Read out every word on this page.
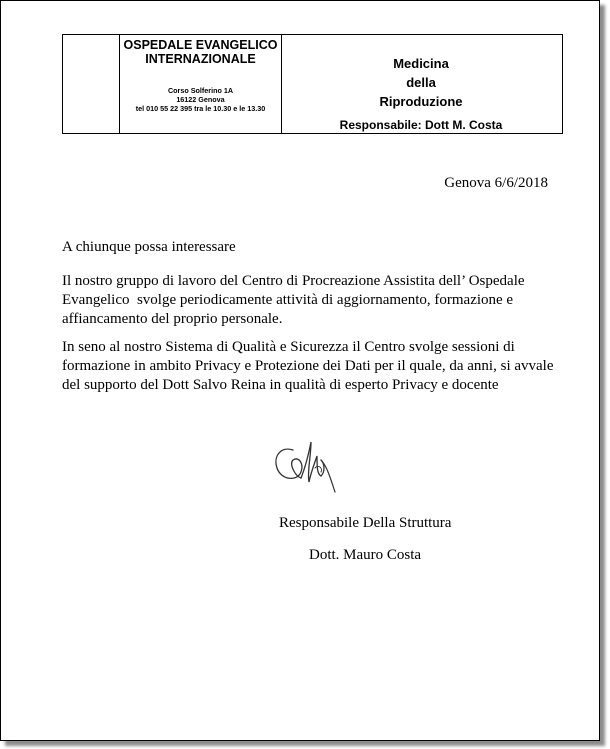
OSPEDALE EVANGELICO
INTERNAZIONALE
Corso Solferino 1A
16122 Genova
tel 010 55 22 395 tra le 10.30 e le 13.30
Medicina
della
Riproduzione
Responsabile: Dott M. Costa
Genova 6/6/2018
A chiunque possa interessare
Il nostro gruppo di lavoro del Centro di Procreazione Assistita dell’ Ospedale
Evangelico  svolge periodicamente attività di aggiornamento, formazione e
affiancamento del proprio personale.
In seno al nostro Sistema di Qualità e Sicurezza il Centro svolge sessioni di
formazione in ambito Privacy e Protezione dei Dati per il quale, da anni, si avvale
del supporto del Dott Salvo Reina in qualità di esperto Privacy e docente
Responsabile Della Struttura
Dott. Mauro Costa
